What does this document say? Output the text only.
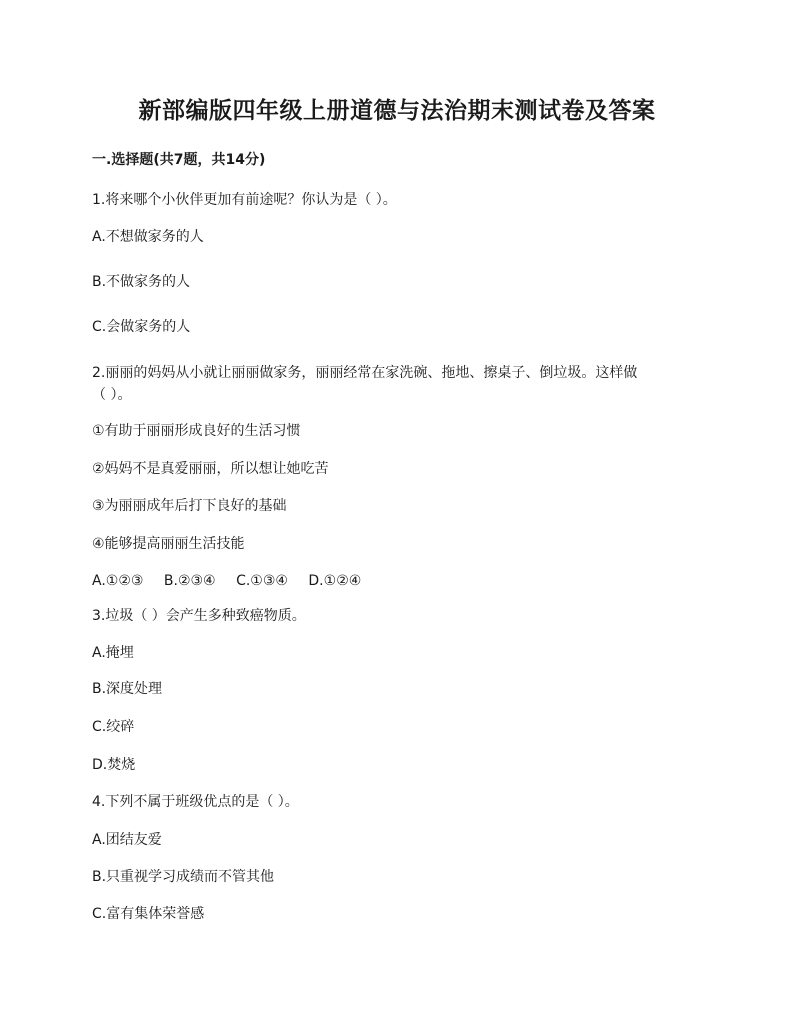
新部编版四年级上册道德与法治期末测试卷及答案
一.选择题(共7题，共14分)
1.将来哪个小伙伴更加有前途呢？你认为是（ ）。
A.不想做家务的人
B.不做家务的人
C.会做家务的人
2.丽丽的妈妈从小就让丽丽做家务，丽丽经常在家洗碗、拖地、擦桌子、倒垃圾。这样做
（ ）。
①有助于丽丽形成良好的生活习惯
②妈妈不是真爱丽丽，所以想让她吃苦
③为丽丽成年后打下良好的基础
④能够提高丽丽生活技能
A.①②③ B.②③④ C.①③④ D.①②④
3.垃圾（ ）会产生多种致癌物质。
A.掩埋
B.深度处理
C.绞碎
D.焚烧
4.下列不属于班级优点的是（ ）。
A.团结友爱
B.只重视学习成绩而不管其他
C.富有集体荣誉感
